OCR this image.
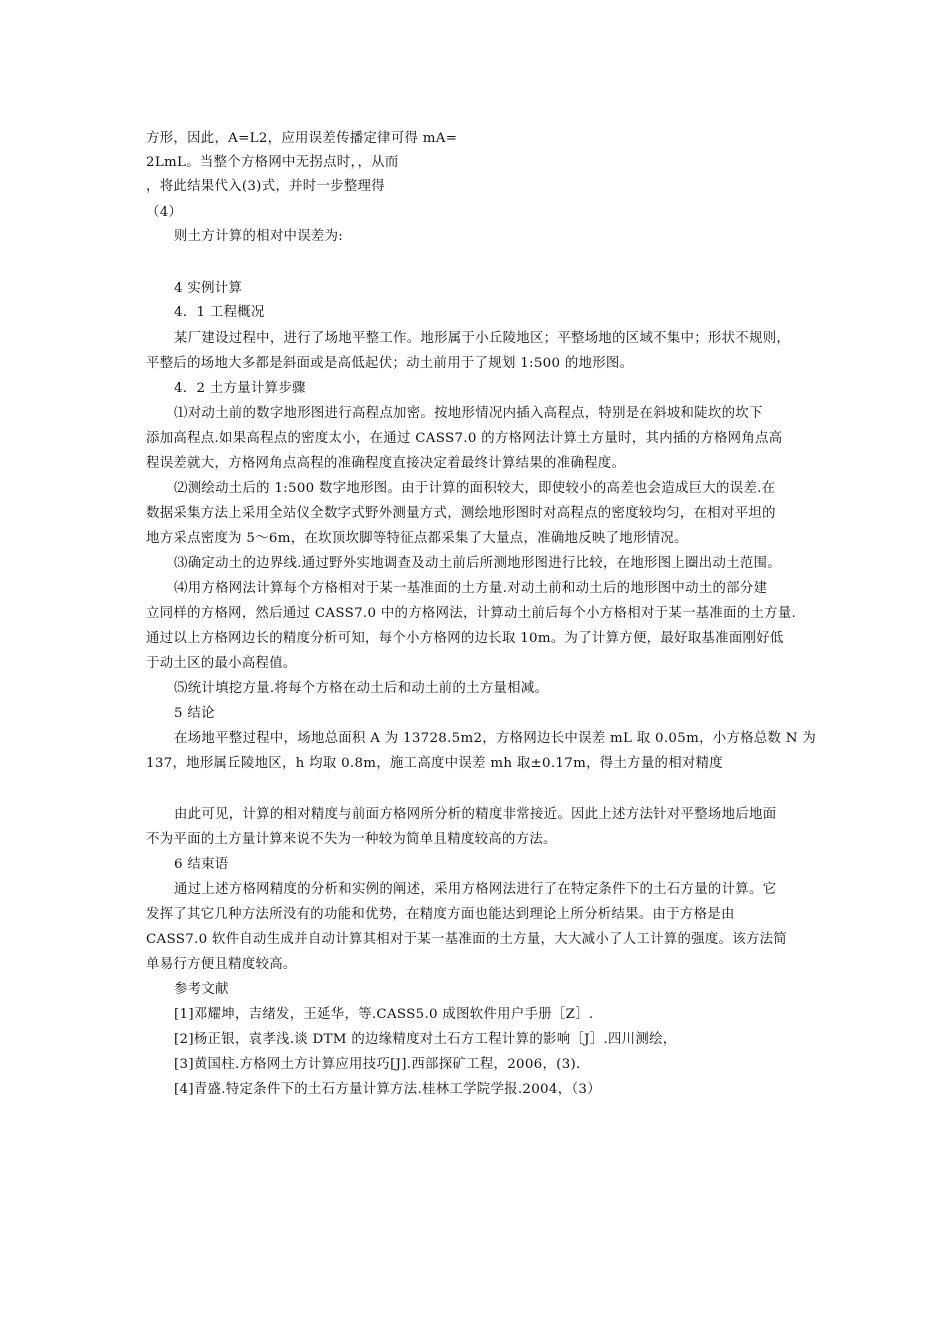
方形，因此，A=L2，应用误差传播定律可得 mA=
2LmL。当整个方格网中无拐点时，，从而
，将此结果代入(3)式，并时一步整理得
（4）
则土方计算的相对中误差为:
4 实例计算
4．1 工程概况
某厂建设过程中，进行了场地平整工作。地形属于小丘陵地区；平整场地的区域不集中；形状不规则，
平整后的场地大多都是斜面或是高低起伏；动土前用于了规划 1:500 的地形图。
4．2 土方量计算步骤
⑴对动土前的数字地形图进行高程点加密。按地形情况内插入高程点，特别是在斜坡和陡坎的坎下
添加高程点.如果高程点的密度太小，在通过 CASS7.0 的方格网法计算土方量时，其内插的方格网角点高
程误差就大，方格网角点高程的准确程度直接决定着最终计算结果的准确程度。
⑵测绘动土后的 1:500 数字地形图。由于计算的面积较大，即使较小的高差也会造成巨大的误差.在
数据采集方法上采用全站仪全数字式野外测量方式，测绘地形图时对高程点的密度较均匀，在相对平坦的
地方采点密度为 5～6m，在坎顶坎脚等特征点都采集了大量点，准确地反映了地形情况。
⑶确定动土的边界线.通过野外实地调查及动土前后所测地形图进行比较，在地形图上圈出动土范围。
⑷用方格网法计算每个方格相对于某一基准面的土方量.对动土前和动土后的地形图中动土的部分建
立同样的方格网，然后通过 CASS7.0 中的方格网法，计算动土前后每个小方格相对于某一基准面的土方量.
通过以上方格网边长的精度分析可知，每个小方格网的边长取 10m。为了计算方便，最好取基准面刚好低
于动土区的最小高程值。
⑸统计填挖方量.将每个方格在动土后和动土前的土方量相减。
5 结论
在场地平整过程中，场地总面积 A 为 13728.5m2，方格网边长中误差 mL 取 0.05m，小方格总数 N 为
137，地形属丘陵地区，h 均取 0.8m，施工高度中误差 mh 取±0.17m，得土方量的相对精度
由此可见，计算的相对精度与前面方格网所分析的精度非常接近。因此上述方法针对平整场地后地面
不为平面的土方量计算来说不失为一种较为简单且精度较高的方法。
6 结束语
通过上述方格网精度的分析和实例的阐述，采用方格网法进行了在特定条件下的土石方量的计算。它
发挥了其它几种方法所没有的功能和优势，在精度方面也能达到理论上所分析结果。由于方格是由
CASS7.0 软件自动生成并自动计算其相对于某一基准面的土方量，大大减小了人工计算的强度。该方法简
单易行方便且精度较高。
参考文献
[1]邓耀坤，吉绪发，王延华，等.CASS5.0 成图软件用户手册［Z］.
[2]杨正银，袁孝浅.谈 DTM 的边缘精度对土石方工程计算的影响［J］.四川测绘，
[3]黄国柱.方格网土方计算应用技巧[J].西部探矿工程，2006，(3).
[4]青盛.特定条件下的土石方量计算方法.桂林工学院学报.2004，（3）
